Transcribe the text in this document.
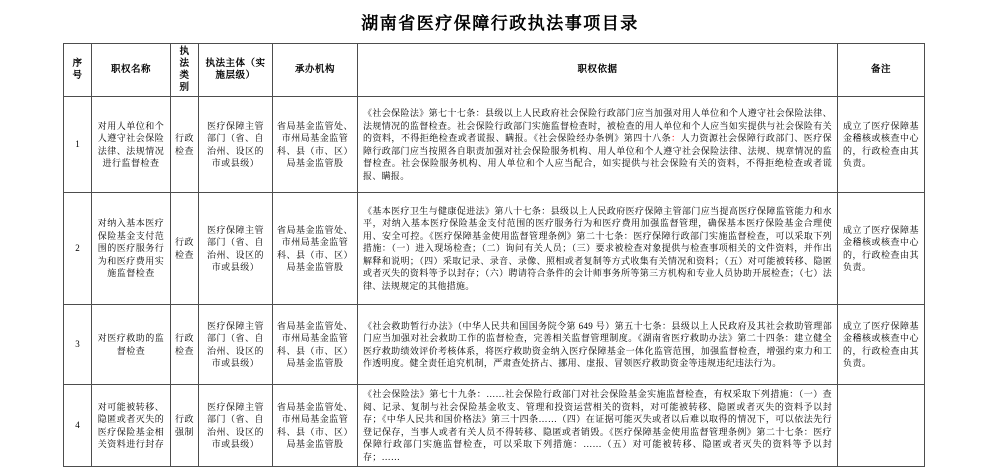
湖南省医疗保障行政执法事项目录
序号	职权名称	执法类别	执法主体（实施层级）	承办机构	职权依据	备注
1	对用人单位和个人遵守社会保险法律、法规情况进行监督检查	行政检查	医疗保障主管部门（省、自治州、设区的市或县级）	省局基金监管处、市州局基金监管科、县（市、区）局基金监管股	《社会保险法》第七十七条：县级以上人民政府社会保险行政部门应当加强对用人单位和个人遵守社会保险法律、法规情况的监督检查。社会保险行政部门实施监督检查时，被检查的用人单位和个人应当如实提供与社会保险有关的资料，不得拒绝检查或者谎报、瞒报。《社会保险经办条例》第四十八条：人力资源社会保障行政部门、医疗保障行政部门应当按照各自职责加强对社会保险服务机构、用人单位和个人遵守社会保险法律、法规、规章情况的监督检查。社会保险服务机构、用人单位和个人应当配合，如实提供与社会保险有关的资料，不得拒绝检查或者谎报、瞒报。	成立了医疗保障基金稽核或核查中心的，行政检查由其负责。
2	对纳入基本医疗保险基金支付范围的医疗服务行为和医疗费用实施监督检查	行政检查	医疗保障主管部门（省、自治州、设区的市或县级）	省局基金监管处、市州局基金监管科、县（市、区）局基金监管股	《基本医疗卫生与健康促进法》第八十七条：县级以上人民政府医疗保障主管部门应当提高医疗保障监管能力和水平，对纳入基本医疗保险基金支付范围的医疗服务行为和医疗费用加强监督管理，确保基本医疗保险基金合理使用、安全可控。《医疗保障基金使用监督管理条例》第二十七条：医疗保障行政部门实施监督检查，可以采取下列措施：（一）进入现场检查；（二）询问有关人员；（三）要求被检查对象提供与检查事项相关的文件资料，并作出解释和说明；（四）采取记录、录音、录像、照相或者复制等方式收集有关情况和资料；（五）对可能被转移、隐匿或者灭失的资料等予以封存；（六）聘请符合条件的会计师事务所等第三方机构和专业人员协助开展检查；（七）法律、法规规定的其他措施。	成立了医疗保障基金稽核或核查中心的，行政检查由其负责。
3	对医疗救助的监督检查	行政检查	医疗保障主管部门（省、自治州、设区的市或县级）	省局基金监管处、市州局基金监管科、县（市、区）局基金监管股	《社会救助暂行办法》（中华人民共和国国务院令第 649 号）第五十七条：县级以上人民政府及其社会救助管理部门应当加强对社会救助工作的监督检查，完善相关监督管理制度。《湖南省医疗救助办法》第二十四条：建立健全医疗救助绩效评价考核体系，将医疗救助资金纳入医疗保障基金一体化监管范围，加强监督检查，增强约束力和工作透明度。健全责任追究机制，严肃查处挤占、挪用、虚报、冒领医疗救助资金等违规违纪违法行为。	成立了医疗保障基金稽核或核查中心的，行政检查由其负责。
4	对可能被转移、隐匿或者灭失的医疗保险基金相关资料进行封存	行政强制	医疗保障主管部门（省、自治州、设区的市或县级）	省局基金监管处、市州局基金监管科、县（市、区）局基金监管股	《社会保险法》第七十九条：……社会保险行政部门对社会保险基金实施监督检查，有权采取下列措施：（一）查阅、记录、复制与社会保险基金收支、管理和投资运营相关的资料，对可能被转移、隐匿或者灭失的资料予以封存；《中华人民共和国价格法》第三十四条……（四）在证据可能灭失或者以后难以取得的情况下，可以依法先行登记保存，当事人或者有关人员不得转移、隐匿或者销毁。《医疗保障基金使用监督管理条例》第二十七条：医疗保障行政部门实施监督检查，可以采取下列措施：……（五）对可能被转移、隐匿或者灭失的资料等予以封存；……	
